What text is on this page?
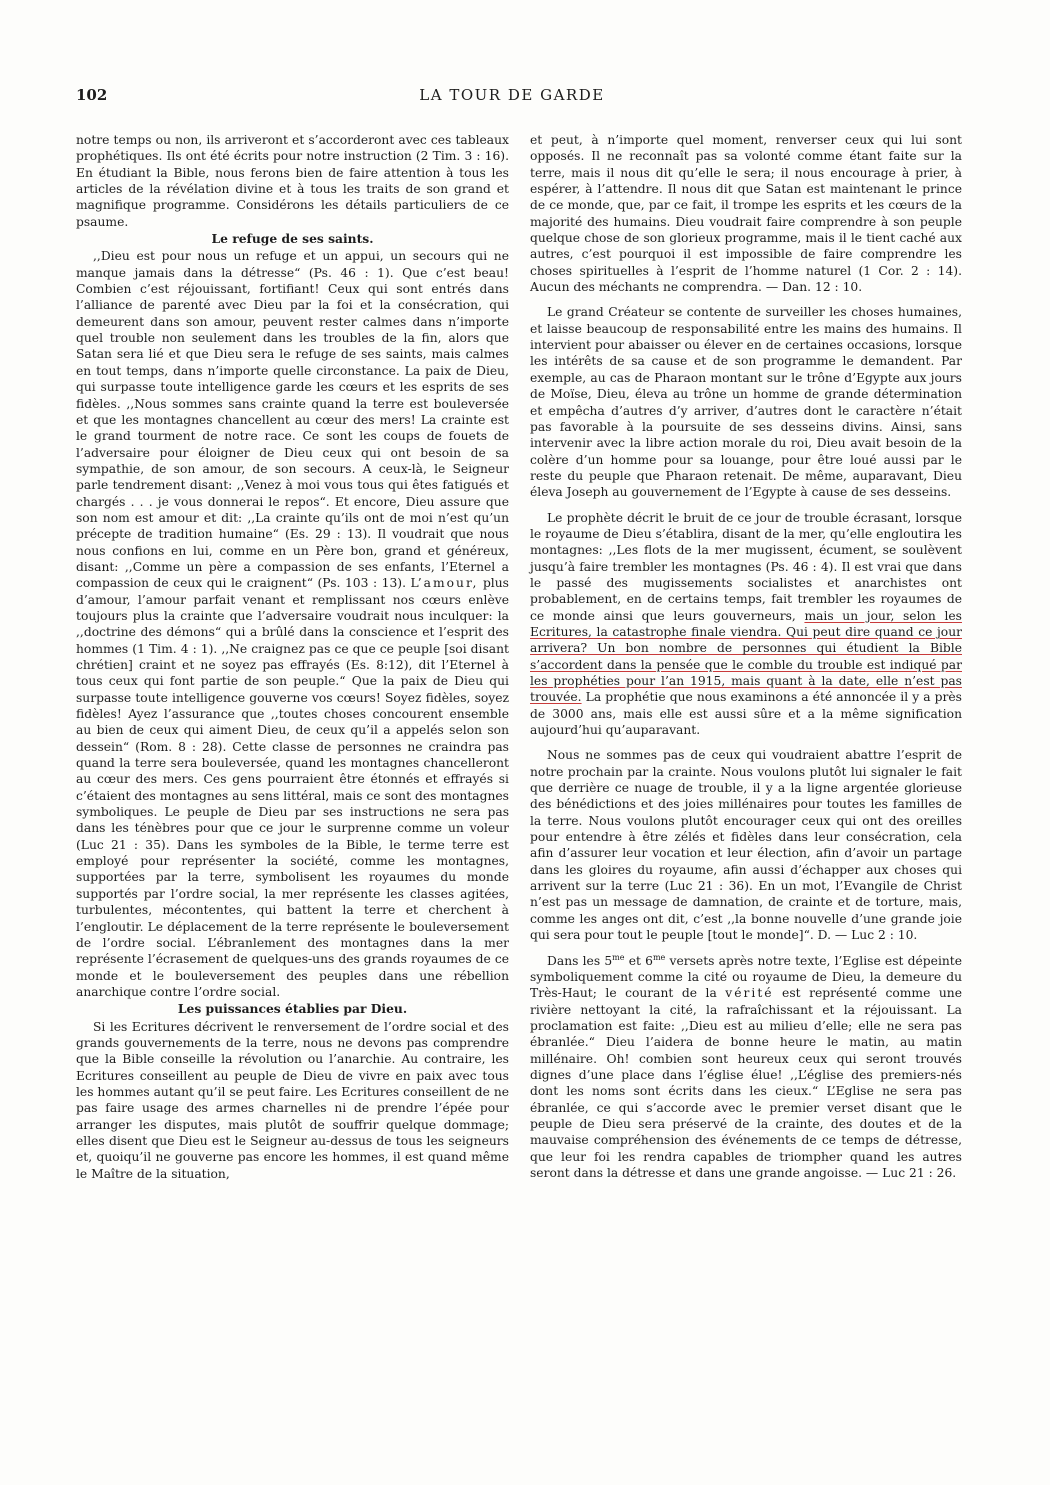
102	LA TOUR DE GARDE

notre temps ou non, ils arriveront et s’accorderont avec ces tableaux prophétiques. Ils ont été écrits pour notre instruction (2 Tim. 3 : 16). En étudiant la Bible, nous ferons bien de faire attention à tous les articles de la révélation divine et à tous les traits de son grand et magnifique programme. Considérons les détails particuliers de ce psaume.

Le refuge de ses saints.

,,Dieu est pour nous un refuge et un appui, un secours qui ne manque jamais dans la détresse“ (Ps. 46 : 1). Que c’est beau! Combien c’est réjouissant, fortifiant! Ceux qui sont entrés dans l’alliance de parenté avec Dieu par la foi et la consécration, qui demeurent dans son amour, peuvent rester calmes dans n’importe quel trouble non seulement dans les troubles de la fin, alors que Satan sera lié et que Dieu sera le refuge de ses saints, mais calmes en tout temps, dans n’importe quelle circonstance. La paix de Dieu, qui surpasse toute intelligence garde les cœurs et les esprits de ses fidèles. ,,Nous sommes sans crainte quand la terre est bouleversée et que les montagnes chancellent au cœur des mers! La crainte est le grand tourment de notre race. Ce sont les coups de fouets de l’adversaire pour éloigner de Dieu ceux qui ont besoin de sa sympathie, de son amour, de son secours. A ceux-là, le Seigneur parle tendrement disant: ,,Venez à moi vous tous qui êtes fatigués et chargés . . . je vous donnerai le repos“. Et encore, Dieu assure que son nom est amour et dit: ,,La crainte qu’ils ont de moi n’est qu’un précepte de tradition humaine“ (Es. 29 : 13). Il voudrait que nous nous confions en lui, comme en un Père bon, grand et généreux, disant: ,,Comme un père a compassion de ses enfants, l’Eternel a compassion de ceux qui le craignent“ (Ps. 103 : 13). L’amour, plus d’amour, l’amour parfait venant et remplissant nos cœurs enlève toujours plus la crainte que l’adversaire voudrait nous inculquer: la ,,doctrine des démons“ qui a brûlé dans la conscience et l’esprit des hommes (1 Tim. 4 : 1). ,,Ne craignez pas ce que ce peuple [soi disant chrétien] craint et ne soyez pas effrayés (Es. 8:12), dit l’Eternel à tous ceux qui font partie de son peuple.“ Que la paix de Dieu qui surpasse toute intelligence gouverne vos cœurs! Soyez fidèles, soyez fidèles! Ayez l’assurance que ,,toutes choses concourent ensemble au bien de ceux qui aiment Dieu, de ceux qu’il a appelés selon son dessein“ (Rom. 8 : 28). Cette classe de personnes ne craindra pas quand la terre sera bouleversée, quand les montagnes chancelleront au cœur des mers. Ces gens pourraient être étonnés et effrayés si c’étaient des montagnes au sens littéral, mais ce sont des montagnes symboliques. Le peuple de Dieu par ses instructions ne sera pas dans les ténèbres pour que ce jour le surprenne comme un voleur (Luc 21 : 35). Dans les symboles de la Bible, le terme terre est employé pour représenter la société, comme les montagnes, supportées par la terre, symbolisent les royaumes du monde supportés par l’ordre social, la mer représente les classes agitées, turbulentes, mécontentes, qui battent la terre et cherchent à l’engloutir. Le déplacement de la terre représente le bouleversement de l’ordre social. L’ébranlement des montagnes dans la mer représente l’écrasement de quelques-uns des grands royaumes de ce monde et le bouleversement des peuples dans une rébellion anarchique contre l’ordre social.

Les puissances établies par Dieu.

Si les Ecritures décrivent le renversement de l’ordre social et des grands gouvernements de la terre, nous ne devons pas comprendre que la Bible conseille la révolution ou l’anarchie. Au contraire, les Ecritures conseillent au peuple de Dieu de vivre en paix avec tous les hommes autant qu’il se peut faire. Les Ecritures conseillent de ne pas faire usage des armes charnelles ni de prendre l’épée pour arranger les disputes, mais plutôt de souffrir quelque dommage; elles disent que Dieu est le Seigneur au-dessus de tous les seigneurs et, quoiqu’il ne gouverne pas encore les hommes, il est quand même le Maître de la situation,

et peut, à n’importe quel moment, renverser ceux qui lui sont opposés. Il ne reconnaît pas sa volonté comme étant faite sur la terre, mais il nous dit qu’elle le sera; il nous encourage à prier, à espérer, à l’attendre. Il nous dit que Satan est maintenant le prince de ce monde, que, par ce fait, il trompe les esprits et les cœurs de la majorité des humains. Dieu voudrait faire comprendre à son peuple quelque chose de son glorieux programme, mais il le tient caché aux autres, c’est pourquoi il est impossible de faire comprendre les choses spirituelles à l’esprit de l’homme naturel (1 Cor. 2 : 14). Aucun des méchants ne comprendra. — Dan. 12 : 10.

Le grand Créateur se contente de surveiller les choses humaines, et laisse beaucoup de responsabilité entre les mains des humains. Il intervient pour abaisser ou élever en de certaines occasions, lorsque les intérêts de sa cause et de son programme le demandent. Par exemple, au cas de Pharaon montant sur le trône d’Egypte aux jours de Moïse, Dieu, éleva au trône un homme de grande détermination et empêcha d’autres d’y arriver, d’autres dont le caractère n’était pas favorable à la poursuite de ses desseins divins. Ainsi, sans intervenir avec la libre action morale du roi, Dieu avait besoin de la colère d’un homme pour sa louange, pour être loué aussi par le reste du peuple que Pharaon retenait. De même, auparavant, Dieu éleva Joseph au gouvernement de l’Egypte à cause de ses desseins.

Le prophète décrit le bruit de ce jour de trouble écrasant, lorsque le royaume de Dieu s’établira, disant de la mer, qu’elle engloutira les montagnes: ,,Les flots de la mer mugissent, écument, se soulèvent jusqu’à faire trembler les montagnes (Ps. 46 : 4). Il est vrai que dans le passé des mugissements socialistes et anarchistes ont probablement, en de certains temps, fait trembler les royaumes de ce monde ainsi que leurs gouverneurs, mais un jour, selon les Ecritures, la catastrophe finale viendra. Qui peut dire quand ce jour arrivera? Un bon nombre de personnes qui étudient la Bible s’accordent dans la pensée que le comble du trouble est indiqué par les prophéties pour l’an 1915, mais quant à la date, elle n’est pas trouvée. La prophétie que nous examinons a été annoncée il y a près de 3000 ans, mais elle est aussi sûre et a la même signification aujourd’hui qu’auparavant.

Nous ne sommes pas de ceux qui voudraient abattre l’esprit de notre prochain par la crainte. Nous voulons plutôt lui signaler le fait que derrière ce nuage de trouble, il y a la ligne argentée glorieuse des bénédictions et des joies millénaires pour toutes les familles de la terre. Nous voulons plutôt encourager ceux qui ont des oreilles pour entendre à être zélés et fidèles dans leur consécration, cela afin d’assurer leur vocation et leur élection, afin d’avoir un partage dans les gloires du royaume, afin aussi d’échapper aux choses qui arrivent sur la terre (Luc 21 : 36). En un mot, l’Evangile de Christ n’est pas un message de damnation, de crainte et de torture, mais, comme les anges ont dit, c’est ,,la bonne nouvelle d’une grande joie qui sera pour tout le peuple [tout le monde]“. D. — Luc 2 : 10.

Dans les $5^{me}$ et $6^{me}$ versets après notre texte, l’Eglise est dépeinte symboliquement comme la cité ou royaume de Dieu, la demeure du Très-Haut; le courant de la vérité est représenté comme une rivière nettoyant la cité, la rafraîchissant et la réjouissant. La proclamation est faite: ,,Dieu est au milieu d’elle; elle ne sera pas ébranlée.“ Dieu l’aidera de bonne heure le matin, au matin millénaire. Oh! combien sont heureux ceux qui seront trouvés dignes d’une place dans l’église élue! ,,L’église des premiers-nés dont les noms sont écrits dans les cieux.“ L’Eglise ne sera pas ébranlée, ce qui s’accorde avec le premier verset disant que le peuple de Dieu sera préservé de la crainte, des doutes et de la mauvaise compréhension des événements de ce temps de détresse, que leur foi les rendra capables de triompher quand les autres seront dans la détresse et dans une grande angoisse. — Luc 21 : 26.
